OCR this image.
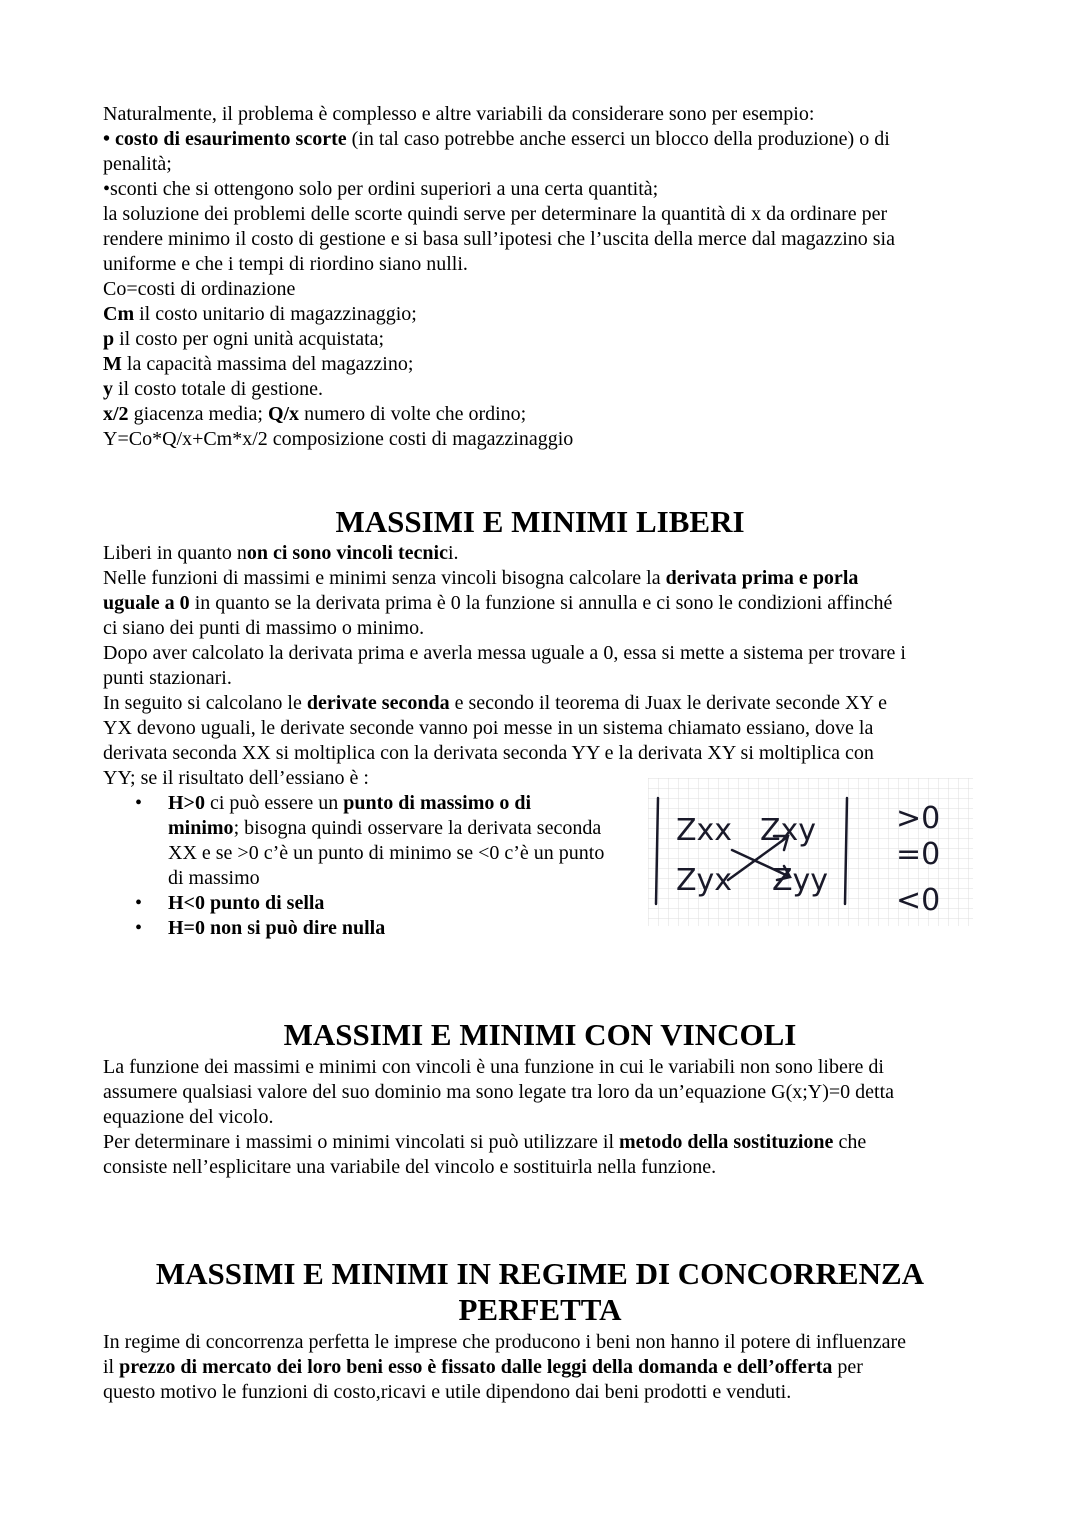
Naturalmente, il problema è complesso e altre variabili da considerare sono per esempio:
• costo di esaurimento scorte (in tal caso potrebbe anche esserci un blocco della produzione) o di
penalità;
•sconti che si ottengono solo per ordini superiori a una certa quantità;
la soluzione dei problemi delle scorte quindi serve per determinare la quantità di x da ordinare per
rendere minimo il costo di gestione e si basa sull’ipotesi che l’uscita della merce dal magazzino sia
uniforme e che i tempi di riordino siano nulli.
Co=costi di ordinazione
Cm il costo unitario di magazzinaggio;
p il costo per ogni unità acquistata;
M la capacità massima del magazzino;
y il costo totale di gestione.
x/2 giacenza media; Q/x numero di volte che ordino;
Y=Co*Q/x+Cm*x/2 composizione costi di magazzinaggio
MASSIMI E MINIMI LIBERI
Liberi in quanto non ci sono vincoli tecnici.
Nelle funzioni di massimi e minimi senza vincoli bisogna calcolare la derivata prima e porla
uguale a 0 in quanto se la derivata prima è 0 la funzione si annulla e ci sono le condizioni affinché
ci siano dei punti di massimo o minimo.
Dopo aver calcolato la derivata prima e averla messa uguale a 0, essa si mette a sistema per trovare i
punti stazionari.
In seguito si calcolano le derivate seconda e secondo il teorema di Juax le derivate seconde XY e
YX devono uguali, le derivate seconde vanno poi messe in un sistema chiamato essiano, dove la
derivata seconda XX si moltiplica con la derivata seconda YY e la derivata XY si moltiplica con
YY; se il risultato dell’essiano è :
• H>0 ci può essere un punto di massimo o di
minimo; bisogna quindi osservare la derivata seconda
XX e se >0 c’è un punto di minimo se <0 c’è un punto
di massimo
• H<0 punto di sella
• H=0 non si può dire nulla
Zxx Zxy
Zyx Zyy
>0
=0
<0
MASSIMI E MINIMI CON VINCOLI
La funzione dei massimi e minimi con vincoli è una funzione in cui le variabili non sono libere di
assumere qualsiasi valore del suo dominio ma sono legate tra loro da un’equazione G(x;Y)=0 detta
equazione del vicolo.
Per determinare i massimi o minimi vincolati si può utilizzare il metodo della sostituzione che
consiste nell’esplicitare una variabile del vincolo e sostituirla nella funzione.
MASSIMI E MINIMI IN REGIME DI CONCORRENZA
PERFETTA
In regime di concorrenza perfetta le imprese che producono i beni non hanno il potere di influenzare
il prezzo di mercato dei loro beni esso è fissato dalle leggi della domanda e dell’offerta per
questo motivo le funzioni di costo,ricavi e utile dipendono dai beni prodotti e venduti.
